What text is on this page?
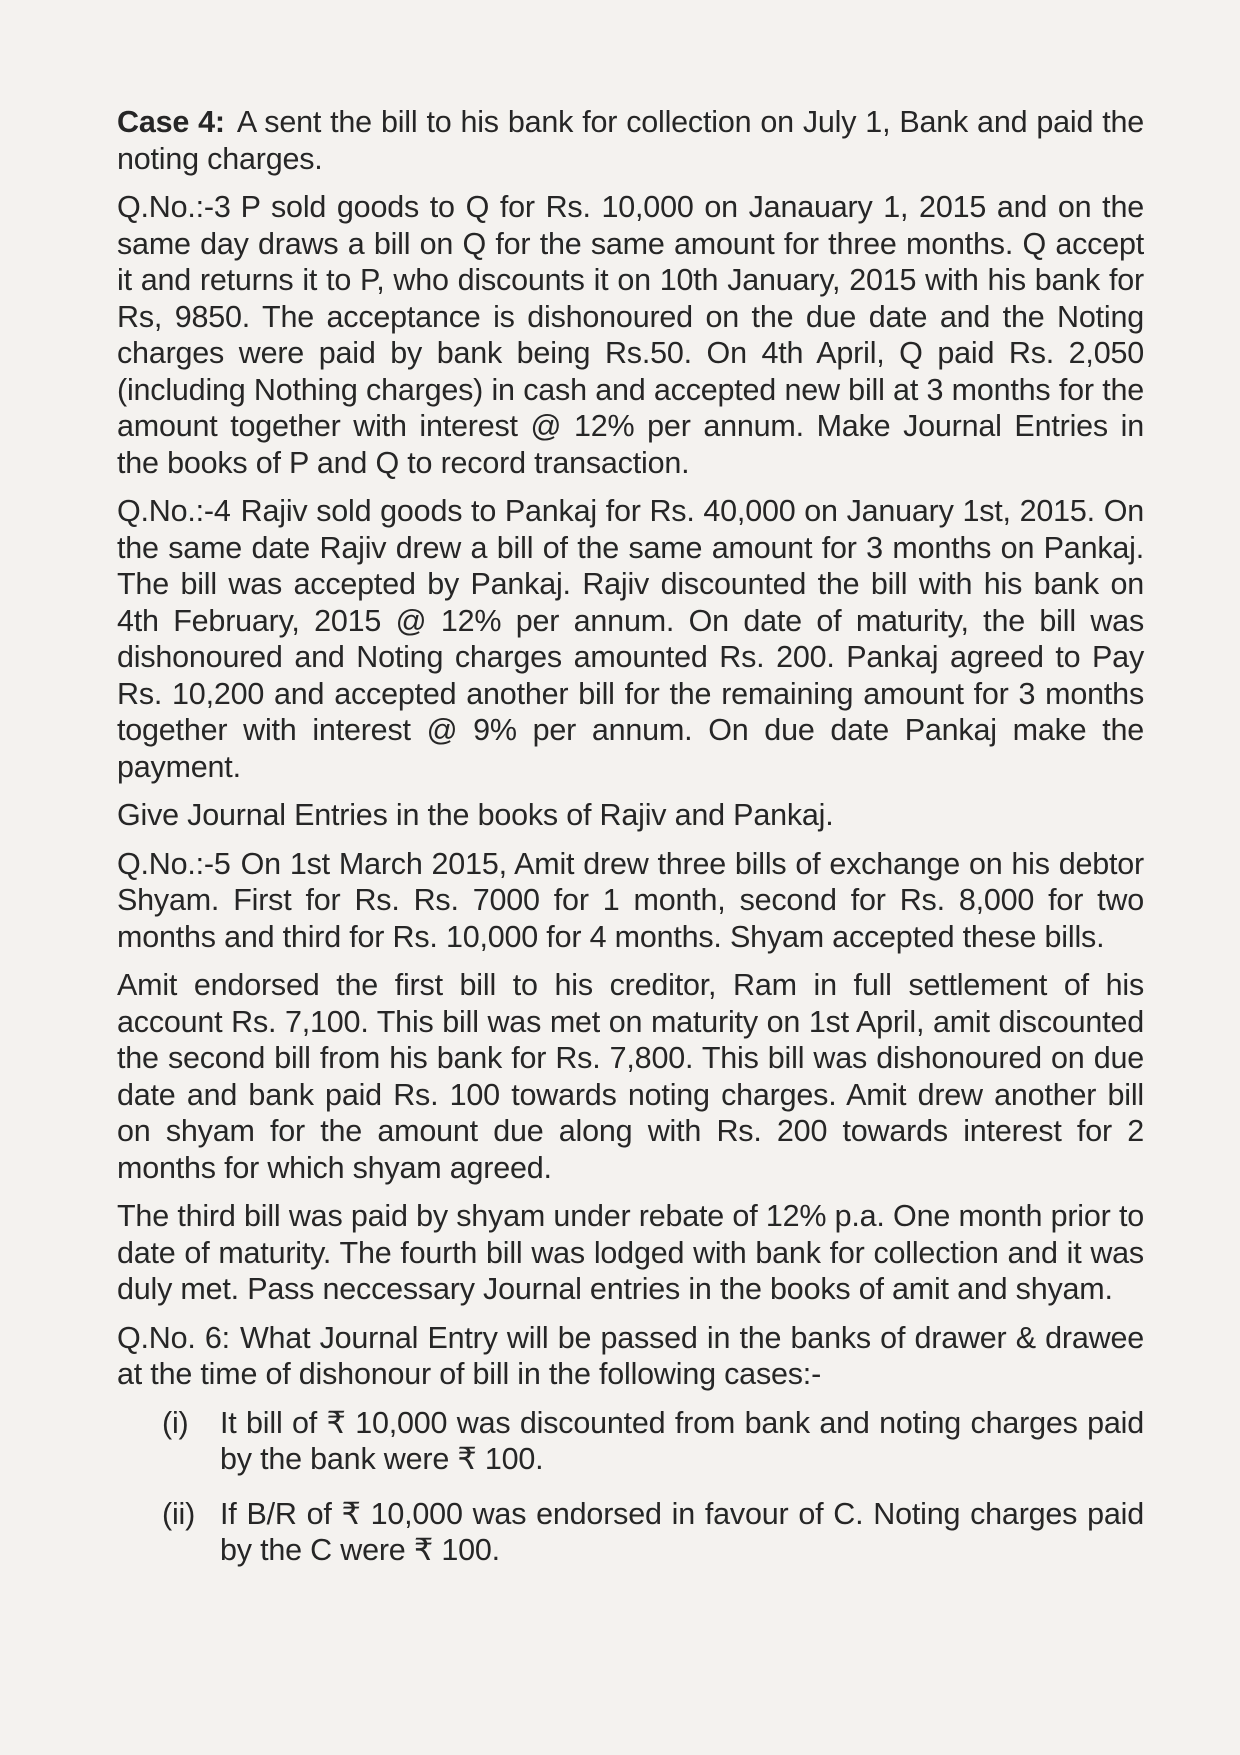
Case 4: A sent the bill to his bank for collection on July 1, Bank and paid the noting charges.

Q.No.:-3 P sold goods to Q for Rs. 10,000 on Janauary 1, 2015 and on the same day draws a bill on Q for the same amount for three months. Q accept it and returns it to P, who discounts it on 10th January, 2015 with his bank for Rs, 9850. The acceptance is dishonoured on the due date and the Noting charges were paid by bank being Rs.50. On 4th April, Q paid Rs. 2,050 (including Nothing charges) in cash and accepted new bill at 3 months for the amount together with interest @ 12% per annum. Make Journal Entries in the books of P and Q to record transaction.

Q.No.:-4 Rajiv sold goods to Pankaj for Rs. 40,000 on January 1st, 2015. On the same date Rajiv drew a bill of the same amount for 3 months on Pankaj. The bill was accepted by Pankaj. Rajiv discounted the bill with his bank on 4th February, 2015 @ 12% per annum. On date of maturity, the bill was dishonoured and Noting charges amounted Rs. 200. Pankaj agreed to Pay Rs. 10,200 and accepted another bill for the remaining amount for 3 months together with interest @ 9% per annum. On due date Pankaj make the payment.

Give Journal Entries in the books of Rajiv and Pankaj.

Q.No.:-5 On 1st March 2015, Amit drew three bills of exchange on his debtor Shyam. First for Rs. Rs. 7000 for 1 month, second for Rs. 8,000 for two months and third for Rs. 10,000 for 4 months. Shyam accepted these bills.

Amit endorsed the first bill to his creditor, Ram in full settlement of his account Rs. 7,100. This bill was met on maturity on 1st April, amit discounted the second bill from his bank for Rs. 7,800. This bill was dishonoured on due date and bank paid Rs. 100 towards noting charges. Amit drew another bill on shyam for the amount due along with Rs. 200 towards interest for 2 months for which shyam agreed.

The third bill was paid by shyam under rebate of 12% p.a. One month prior to date of maturity. The fourth bill was lodged with bank for collection and it was duly met. Pass neccessary Journal entries in the books of amit and shyam.

Q.No. 6: What Journal Entry will be passed in the banks of drawer & drawee at the time of dishonour of bill in the following cases:-

(i)	It bill of ₹ 10,000 was discounted from bank and noting charges paid by the bank were ₹ 100.
(ii) If B/R of ₹ 10,000 was endorsed in favour of C. Noting charges paid by the C were ₹ 100.
